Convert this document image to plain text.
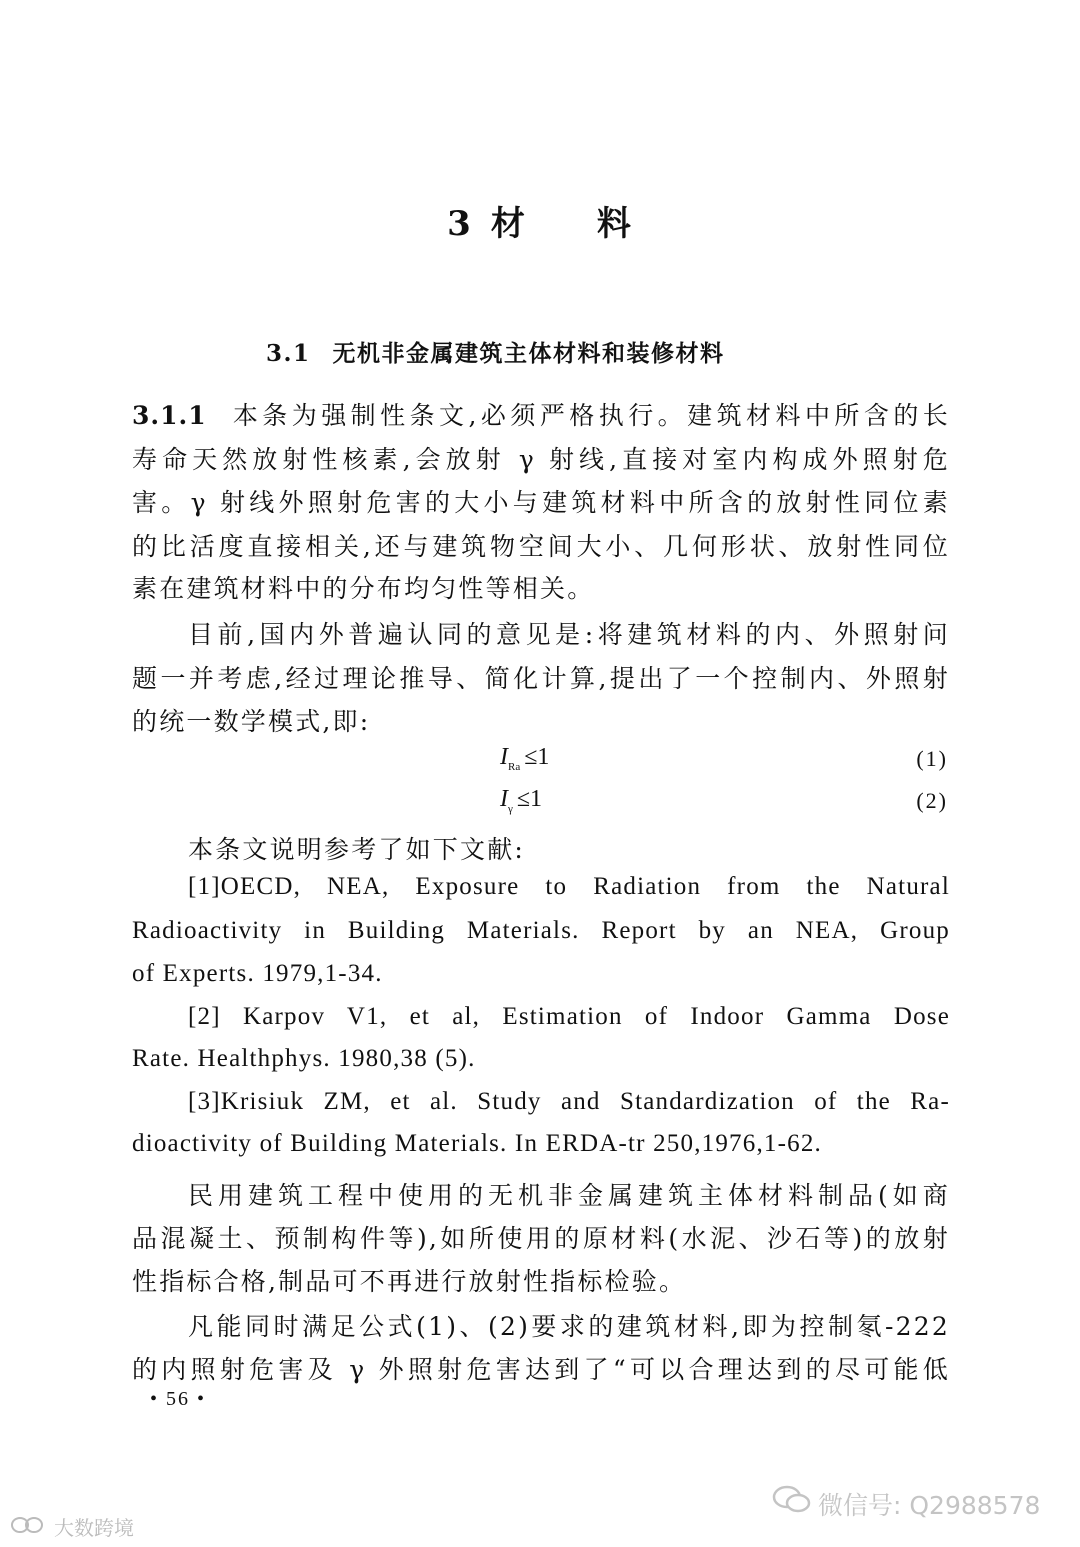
3 材 料
3.1 无机非金属建筑主体材料和装修材料
3.1.1 本条为强制性条文,必须严格执行。建筑材料中所含的长
寿命天然放射性核素,会放射 γ 射线,直接对室内构成外照射危
害。γ 射线外照射危害的大小与建筑材料中所含的放射性同位素
的比活度直接相关,还与建筑物空间大小、几何形状、放射性同位
素在建筑材料中的分布均匀性等相关。
目前,国内外普遍认同的意见是:将建筑材料的内、外照射问
题一并考虑,经过理论推导、简化计算,提出了一个控制内、外照射
的统一数学模式,即:
$I_{Ra} \le 1$	(1)
$I_\gamma \le 1$	(2)
本条文说明参考了如下文献:
[1]OECD, NEA, Exposure to Radiation from the Natural
Radioactivity in Building Materials. Report by an NEA, Group
of Experts. 1979,1-34.
[2] Karpov V1, et al, Estimation of Indoor Gamma Dose
Rate. Healthphys. 1980,38 (5).
[3]Krisiuk ZM, et al. Study and Standardization of the Ra-
dioactivity of Building Materials. In ERDA-tr 250,1976,1-62.
民用建筑工程中使用的无机非金属建筑主体材料制品(如商
品混凝土、预制构件等),如所使用的原材料(水泥、沙石等)的放射
性指标合格,制品可不再进行放射性指标检验。
凡能同时满足公式(1)、(2)要求的建筑材料,即为控制氡-222
的内照射危害及 γ 外照射危害达到了“可以合理达到的尽可能低
• 56 •
大数跨境
微信号: Q2988578
